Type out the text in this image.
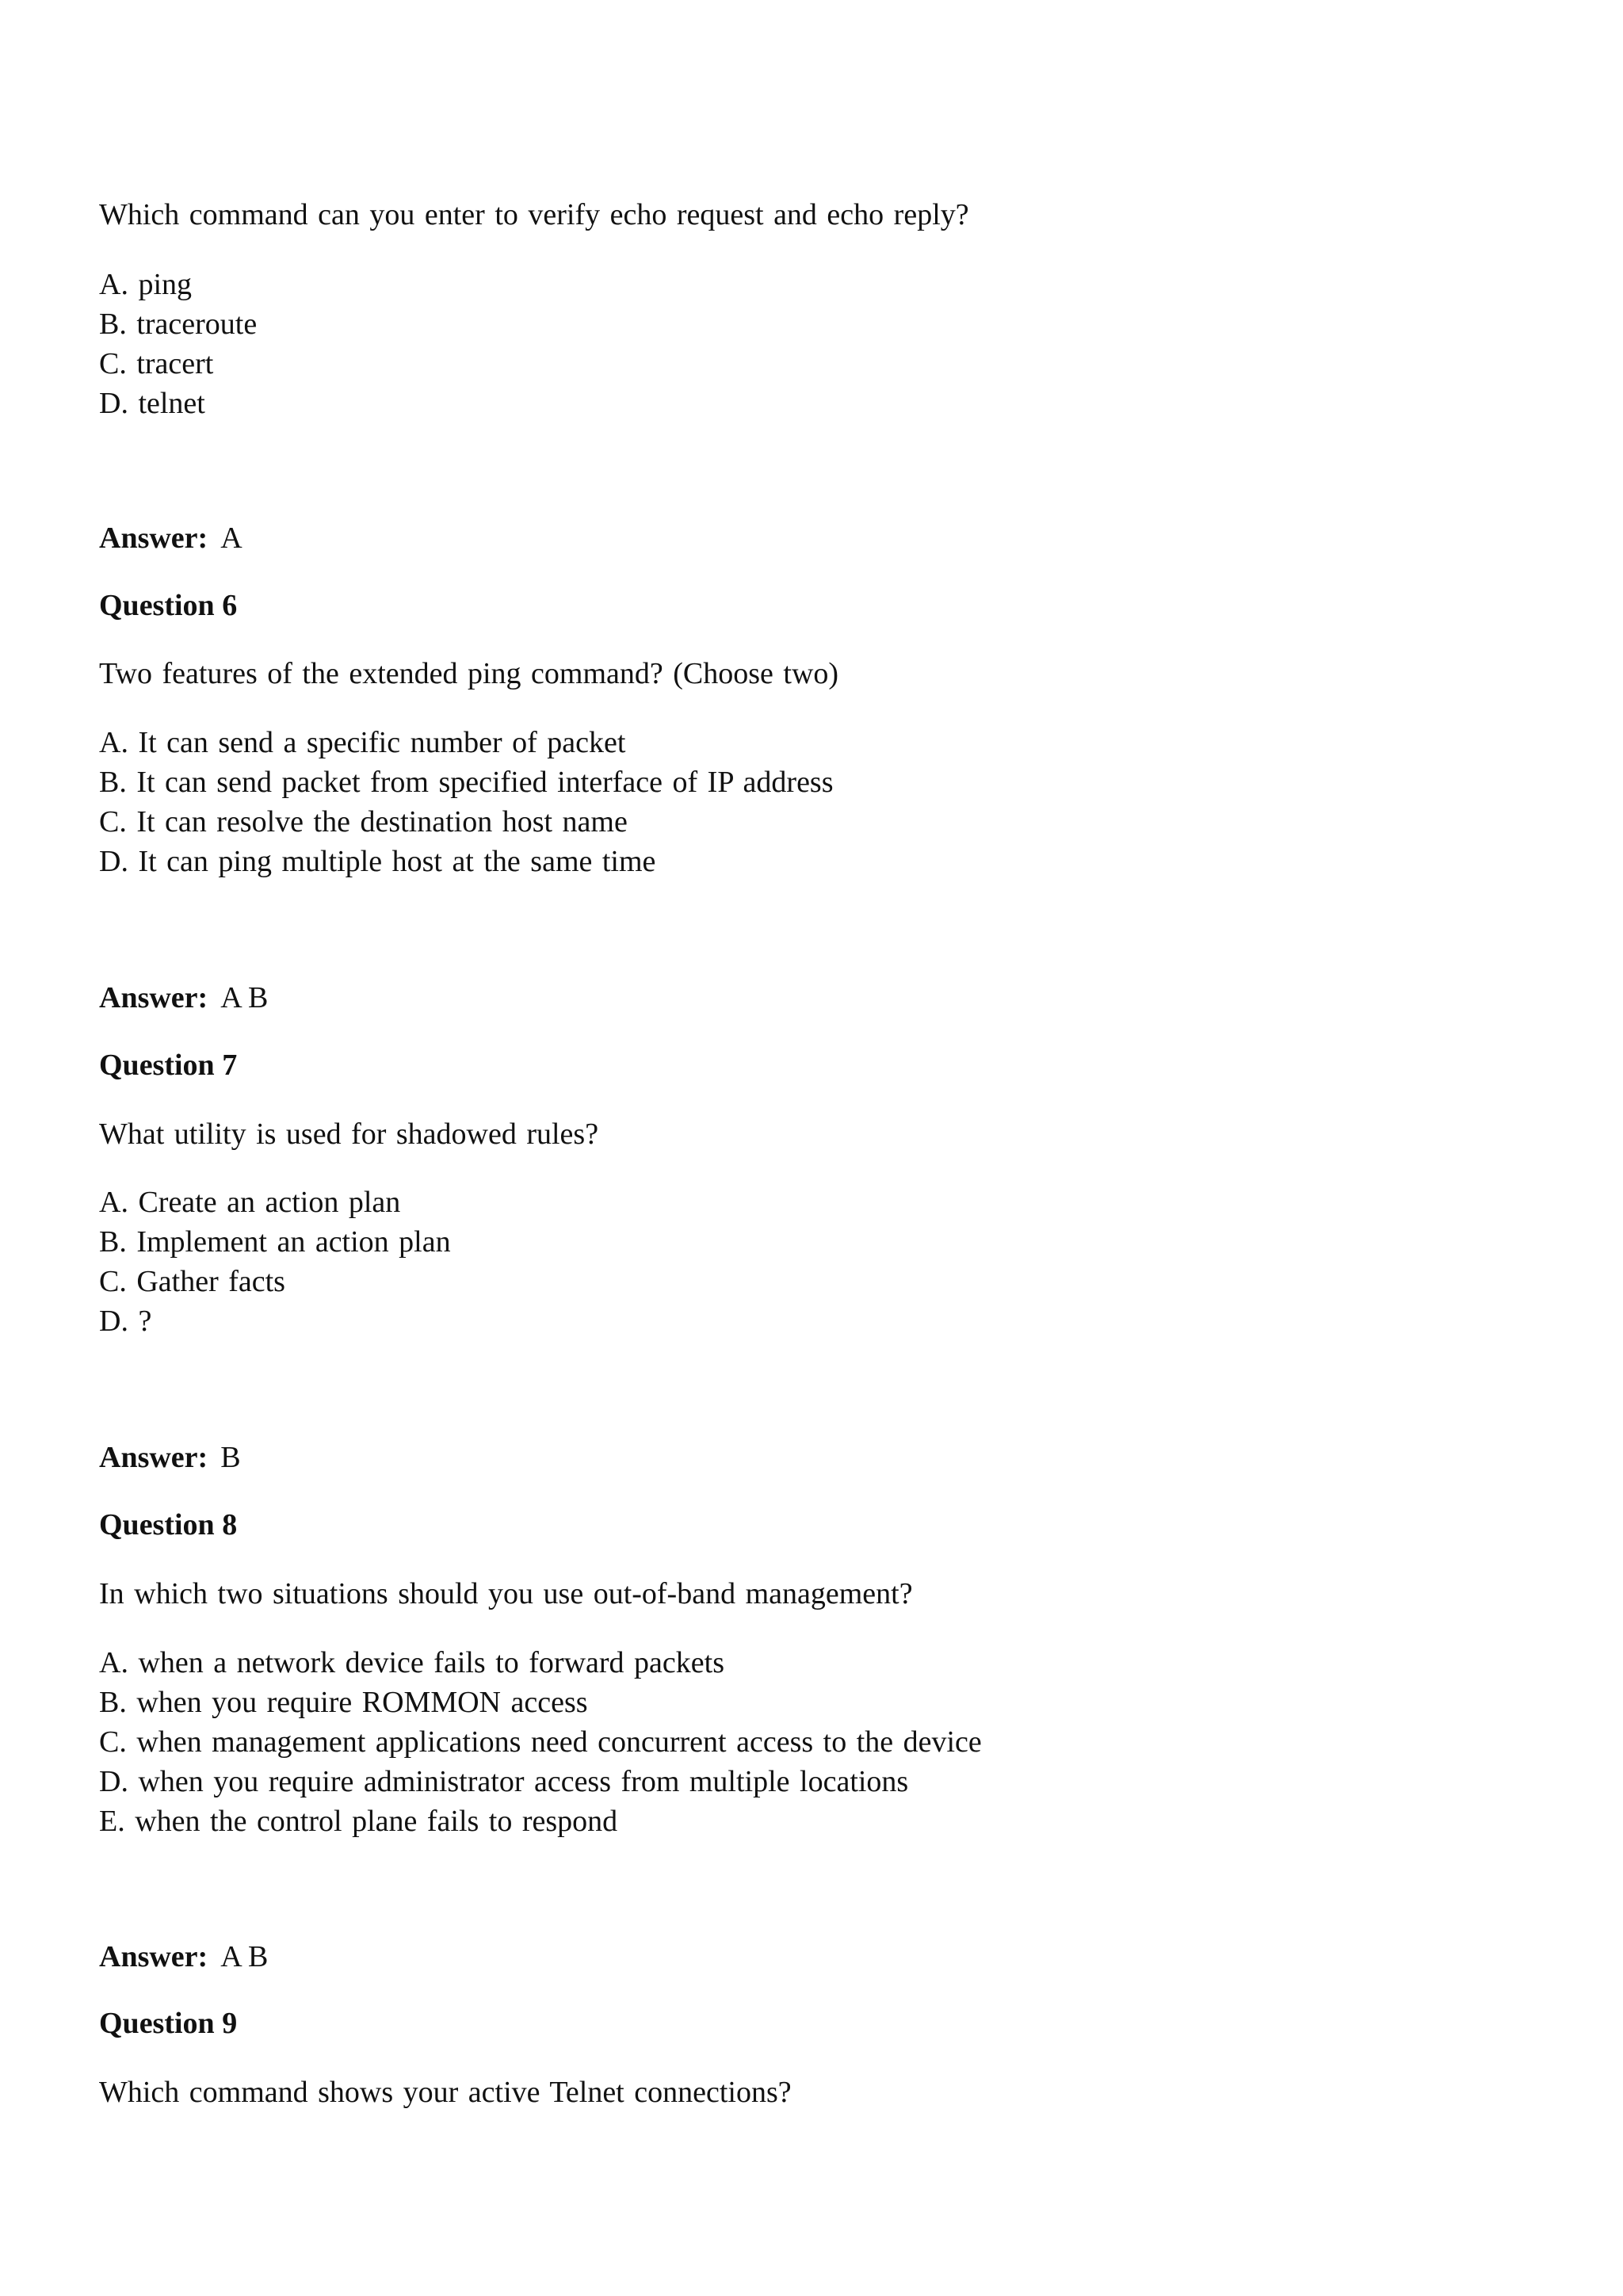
Which command can you enter to verify echo request and echo reply?
A. ping
B. traceroute
C. tracert
D. telnet
Answer: A
Question 6
Two features of the extended ping command? (Choose two)
A. It can send a specific number of packet
B. It can send packet from specified interface of IP address
C. It can resolve the destination host name
D. It can ping multiple host at the same time
Answer: A B
Question 7
What utility is used for shadowed rules?
A. Create an action plan
B. Implement an action plan
C. Gather facts
D. ?
Answer: B
Question 8
In which two situations should you use out-of-band management?
A. when a network device fails to forward packets
B. when you require ROMMON access
C. when management applications need concurrent access to the device
D. when you require administrator access from multiple locations
E. when the control plane fails to respond
Answer: A B
Question 9
Which command shows your active Telnet connections?
